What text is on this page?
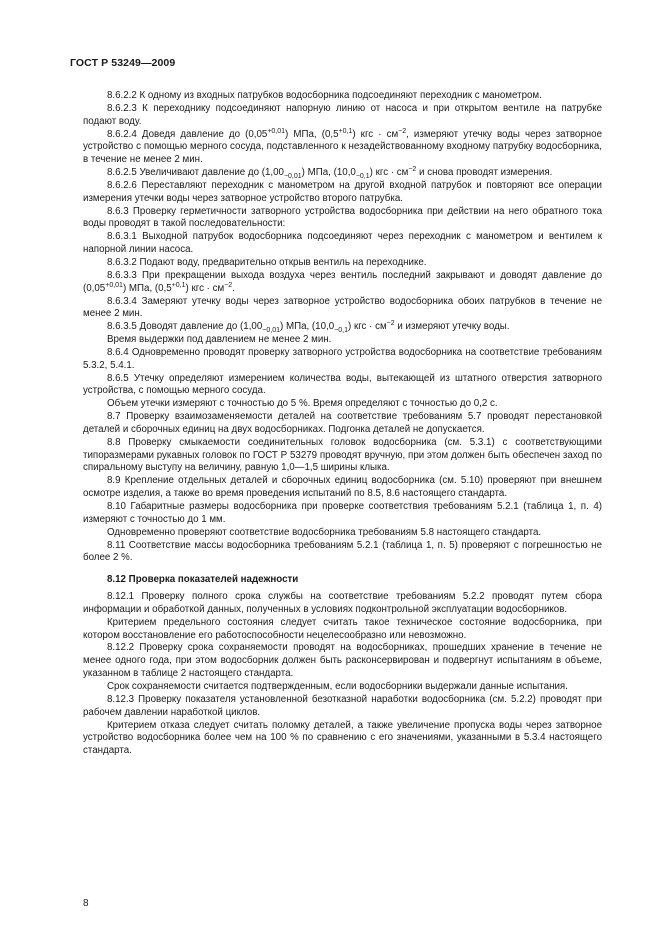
ГОСТ Р 53249—2009

8.6.2.2 К одному из входных патрубков водосборника подсоединяют переходник с манометром.

8.6.2.3 К переходнику подсоединяют напорную линию от насоса и при открытом вентиле на патрубке подают воду.

8.6.2.4 Доведя давление до $(0,05^{+0,01})$ МПа, $(0,5^{+0,1})$ кгс · $см^{-2}$, измеряют утечку воды через затворное устройство с помощью мерного сосуда, подставленного к незадействованному входному патрубку водосборника, в течение не менее 2 мин.

8.6.2.5 Увеличивают давление до $(1,00_{-0,01})$ МПа, $(10,0_{-0,1})$ кгс · $см^{-2}$ и снова проводят измерения.

8.6.2.6 Переставляют переходник с манометром на другой входной патрубок и повторяют все операции измерения утечки воды через затворное устройство второго патрубка.

8.6.3 Проверку герметичности затворного устройства водосборника при действии на него обратного тока воды проводят в такой последовательности:

8.6.3.1 Выходной патрубок водосборника подсоединяют через переходник с манометром и вентилем к напорной линии насоса.

8.6.3.2 Подают воду, предварительно открыв вентиль на переходнике.

8.6.3.3 При прекращении выхода воздуха через вентиль последний закрывают и доводят давление до $(0,05^{+0,01})$ МПа, $(0,5^{+0,1})$ кгс · $см^{-2}$.

8.6.3.4 Замеряют утечку воды через затворное устройство водосборника обоих патрубков в течение не менее 2 мин.

8.6.3.5 Доводят давление до $(1,00_{-0,01})$ МПа, $(10,0_{-0,1})$ кгс · $см^{-2}$ и измеряют утечку воды.

Время выдержки под давлением не менее 2 мин.

8.6.4 Одновременно проводят проверку затворного устройства водосборника на соответствие требованиям 5.3.2, 5.4.1.

8.6.5 Утечку определяют измерением количества воды, вытекающей из штатного отверстия затворного устройства, с помощью мерного сосуда.

Объем утечки измеряют с точностью до 5 %. Время определяют с точностью до 0,2 с.

8.7 Проверку взаимозаменяемости деталей на соответствие требованиям 5.7 проводят перестановкой деталей и сборочных единиц на двух водосборниках. Подгонка деталей не допускается.

8.8 Проверку смыкаемости соединительных головок водосборника (см. 5.3.1) с соответствующими типоразмерами рукавных головок по ГОСТ Р 53279 проводят вручную, при этом должен быть обеспечен заход по спиральному выступу на величину, равную 1,0—1,5 ширины клыка.

8.9 Крепление отдельных деталей и сборочных единиц водосборника (см. 5.10) проверяют при внешнем осмотре изделия, а также во время проведения испытаний по 8.5, 8.6 настоящего стандарта.

8.10 Габаритные размеры водосборника при проверке соответствия требованиям 5.2.1 (таблица 1, п. 4) измеряют с точностью до 1 мм.

Одновременно проверяют соответствие водосборника требованиям 5.8 настоящего стандарта.

8.11 Соответствие массы водосборника требованиям 5.2.1 (таблица 1, п. 5) проверяют с погрешностью не более 2 %.

8.12 Проверка показателей надежности

8.12.1 Проверку полного срока службы на соответствие требованиям 5.2.2 проводят путем сбора информации и обработкой данных, полученных в условиях подконтрольной эксплуатации водосборников.

Критерием предельного состояния следует считать такое техническое состояние водосборника, при котором восстановление его работоспособности нецелесообразно или невозможно.

8.12.2 Проверку срока сохраняемости проводят на водосборниках, прошедших хранение в течение не менее одного года, при этом водосборник должен быть расконсервирован и подвергнут испытаниям в объеме, указанном в таблице 2 настоящего стандарта.

Срок сохраняемости считается подтвержденным, если водосборники выдержали данные испытания.

8.12.3 Проверку показателя установленной безотказной наработки водосборника (см. 5.2.2) проводят при рабочем давлении наработкой циклов.

Критерием отказа следует считать поломку деталей, а также увеличение пропуска воды через затворное устройство водосборника более чем на 100 % по сравнению с его значениями, указанными в 5.3.4 настоящего стандарта.

8
